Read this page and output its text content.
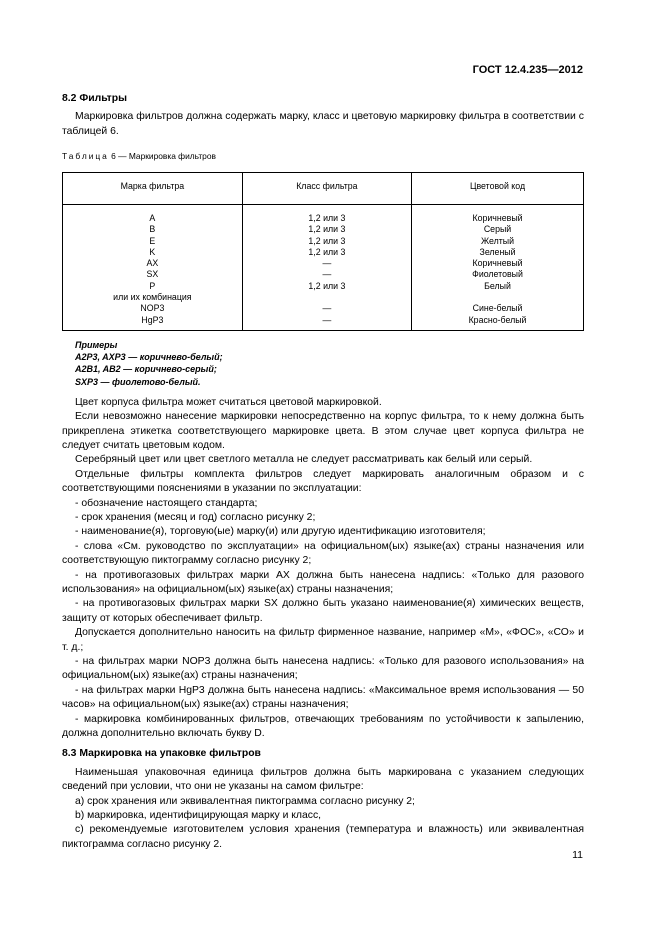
ГОСТ 12.4.235—2012
8.2 Фильтры

Маркировка фильтров должна содержать марку, класс и цветовую маркировку фильтра в соответствии с таблицей 6.

Таблица 6 — Маркировка фильтров
Марка фильтра	Класс фильтра	Цветовой код
A	1,2 или 3	Коричневый
B	1,2 или 3	Серый
E	1,2 или 3	Желтый
K	1,2 или 3	Зеленый
AX	—	Коричневый
SX	—	Фиолетовый
P	1,2 или 3	Белый
или их комбинация		
NOP3	—	Сине-белый
HgP3	—	Красно-белый
Примеры
A2P3, AXP3 — коричнево-белый;
A2B1, AB2 — коричнево-серый;
SXP3 — фиолетово-белый.

Цвет корпуса фильтра может считаться цветовой маркировкой.

Если невозможно нанесение маркировки непосредственно на корпус фильтра, то к нему должна быть прикреплена этикетка соответствующего маркировке цвета. В этом случае цвет корпуса фильтра не следует считать цветовым кодом.

Серебряный цвет или цвет светлого металла не следует рассматривать как белый или серый.

Отдельные фильтры комплекта фильтров следует маркировать аналогичным образом и с соответствующими пояснениями в указании по эксплуатации:

- обозначение настоящего стандарта;

- срок хранения (месяц и год) согласно рисунку 2;

- наименование(я), торговую(ые) марку(и) или другую идентификацию изготовителя;

- слова «См. руководство по эксплуатации» на официальном(ых) языке(ах) страны назначения или соответствующую пиктограмму согласно рисунку 2;

- на противогазовых фильтрах марки AX должна быть нанесена надпись: «Только для разового использования» на официальном(ых) языке(ах) страны назначения;

- на противогазовых фильтрах марки SX должно быть указано наименование(я) химических веществ, защиту от которых обеспечивает фильтр.

Допускается дополнительно наносить на фильтр фирменное название, например «М», «ФОС», «СО» и т. д.;

- на фильтрах марки NOP3 должна быть нанесена надпись: «Только для разового использования» на официальном(ых) языке(ах) страны назначения;

- на фильтрах марки HgP3 должна быть нанесена надпись: «Максимальное время использования — 50 часов» на официальном(ых) языке(ах) страны назначения;

- маркировка комбинированных фильтров, отвечающих требованиям по устойчивости к запылению, должна дополнительно включать букву D.

8.3 Маркировка на упаковке фильтров

Наименьшая упаковочная единица фильтров должна быть маркирована с указанием следующих сведений при условии, что они не указаны на самом фильтре:

a) срок хранения или эквивалентная пиктограмма согласно рисунку 2;

b) маркировка, идентифицирующая марку и класс,

c) рекомендуемые изготовителем условия хранения (температура и влажность) или эквивалентная пиктограмма согласно рисунку 2.

11
